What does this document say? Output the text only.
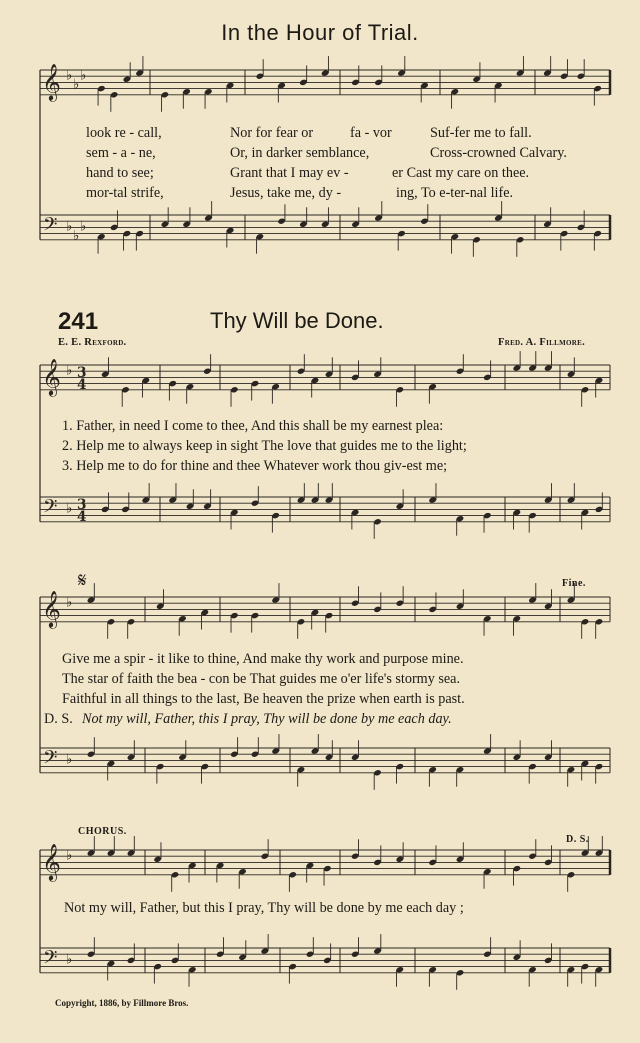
𝄞
𝄢
♭
♭
♭
♭
♭
♭
𝄞
𝄢
♭
♭
3
4
3
4
𝄞
𝄢
♭
♭
𝄞
𝄢
♭
♭
In the Hour of Trial.
look re - call,	Nor for fear or	fa - vor	Suf-fer me to fall.
sem - a - ne,	Or, in darker semblance,	Cross-crowned Calvary.
hand to see;	Grant that I may ev -	er Cast my care on thee.
mor-tal strife,	Jesus, take me, dy -	ing, To e-ter-nal life.
241	Thy Will be Done.
E. E. Rexford.	Fred. A. Fillmore.
1. Father, in need I come to thee, And this shall be my earnest plea:
2. Help me to always keep in sight The love that guides me to the light;
3. Help me to do for thine and thee Whatever work thou giv-est me;
𝄋	Fine.
Give me a spir - it like to thine, And make thy work and purpose mine.
The star of faith the bea - con be That guides me o'er life's stormy sea.
Faithful in all things to the last, Be heaven the prize when earth is past.
D. S. Not my will, Father, this I pray, Thy will be done by me each day.
CHORUS.
D. S.
Not my will, Father, but this I pray, Thy will be done by me each day ;
Copyright, 1886, by Fillmore Bros.
